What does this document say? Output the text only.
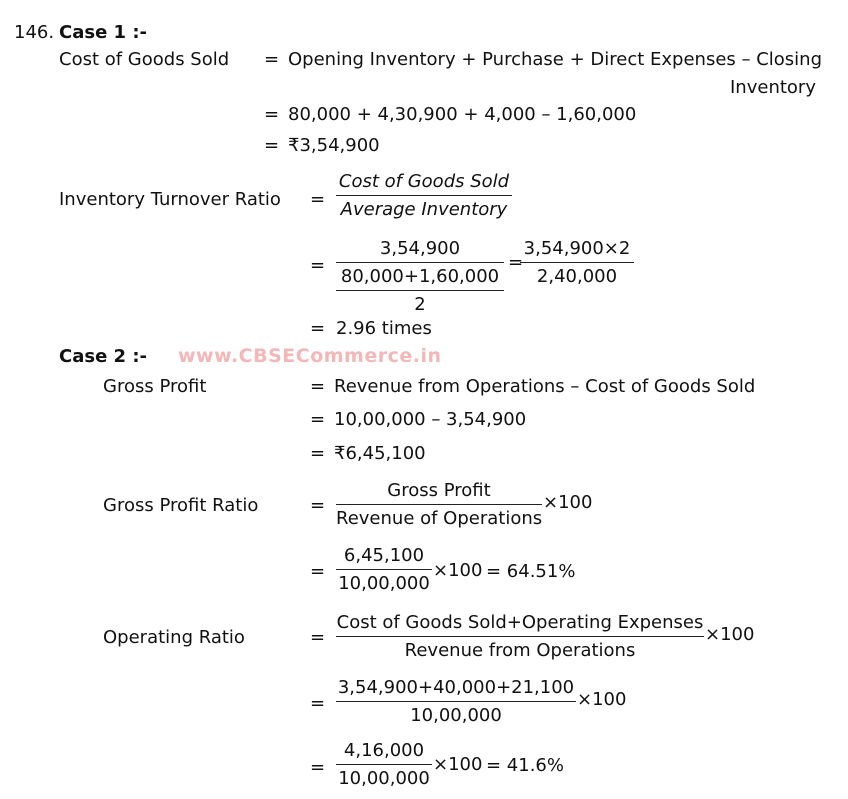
146. Case 1 :-
Cost of Goods Sold = Opening Inventory + Purchase + Direct Expenses – Closing
Inventory
= 80,000 + 4,30,900 + 4,000 – 1,60,000
= ₹3,54,900
Inventory Turnover Ratio =
Cost of Goods Sold
Average Inventory
=
3,54,900
80,000+1,60,000
2
=
3,54,900×2
2,40,000
= 2.96 times
Case 2 :- www.CBSECommerce.in
Gross Profit	= Revenue from Operations – Cost of Goods Sold
= 10,00,000 – 3,54,900
= ₹6,45,100
Gross Profit Ratio	=
Gross Profit
Revenue of Operations
×100
=
6,45,100
10,00,000
×100 = 64.51%
Operating Ratio	=
Cost of Goods Sold+Operating Expenses
Revenue from Operations
×100
=
3,54,900+40,000+21,100
10,00,000
×100
=
4,16,000
10,00,000
×100 = 41.6%
